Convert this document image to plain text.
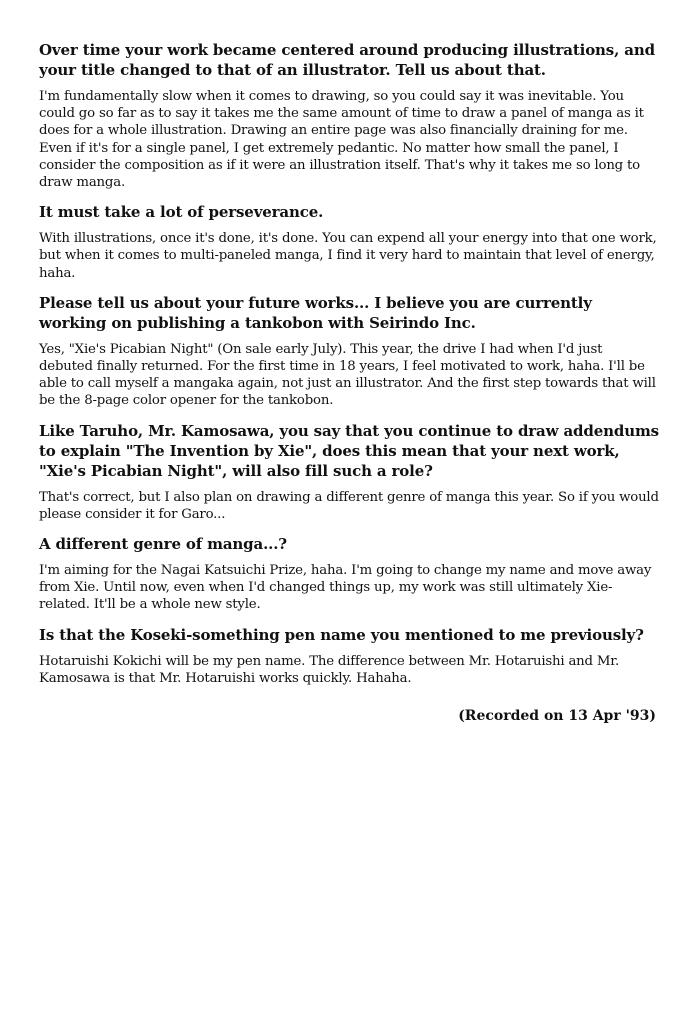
Over time your work became centered around producing illustrations, and your title changed to that of an illustrator. Tell us about that.

I'm fundamentally slow when it comes to drawing, so you could say it was inevitable. You could go so far as to say it takes me the same amount of time to draw a panel of manga as it does for a whole illustration. Drawing an entire page was also financially draining for me. Even if it's for a single panel, I get extremely pedantic. No matter how small the panel, I consider the composition as if it were an illustration itself. That's why it takes me so long to draw manga.

It must take a lot of perseverance.

With illustrations, once it's done, it's done. You can expend all your energy into that one work, but when it comes to multi-paneled manga, I find it very hard to maintain that level of energy, haha.

Please tell us about your future works... I believe you are currently working on publishing a tankobon with Seirindo Inc.

Yes, "Xie's Picabian Night" (On sale early July). This year, the drive I had when I'd just debuted finally returned. For the first time in 18 years, I feel motivated to work, haha. I'll be able to call myself a mangaka again, not just an illustrator. And the first step towards that will be the 8-page color opener for the tankobon.

Like Taruho, Mr. Kamosawa, you say that you continue to draw addendums to explain "The Invention by Xie", does this mean that your next work, "Xie's Picabian Night", will also fill such a role?

That's correct, but I also plan on drawing a different genre of manga this year. So if you would please consider it for Garo...

A different genre of manga...?

I'm aiming for the Nagai Katsuichi Prize, haha. I'm going to change my name and move away from Xie. Until now, even when I'd changed things up, my work was still ultimately Xie-related. It'll be a whole new style.

Is that the Koseki-something pen name you mentioned to me previously?

Hotaruishi Kokichi will be my pen name. The difference between Mr. Hotaruishi and Mr. Kamosawa is that Mr. Hotaruishi works quickly. Hahaha.

(Recorded on 13 Apr '93)
